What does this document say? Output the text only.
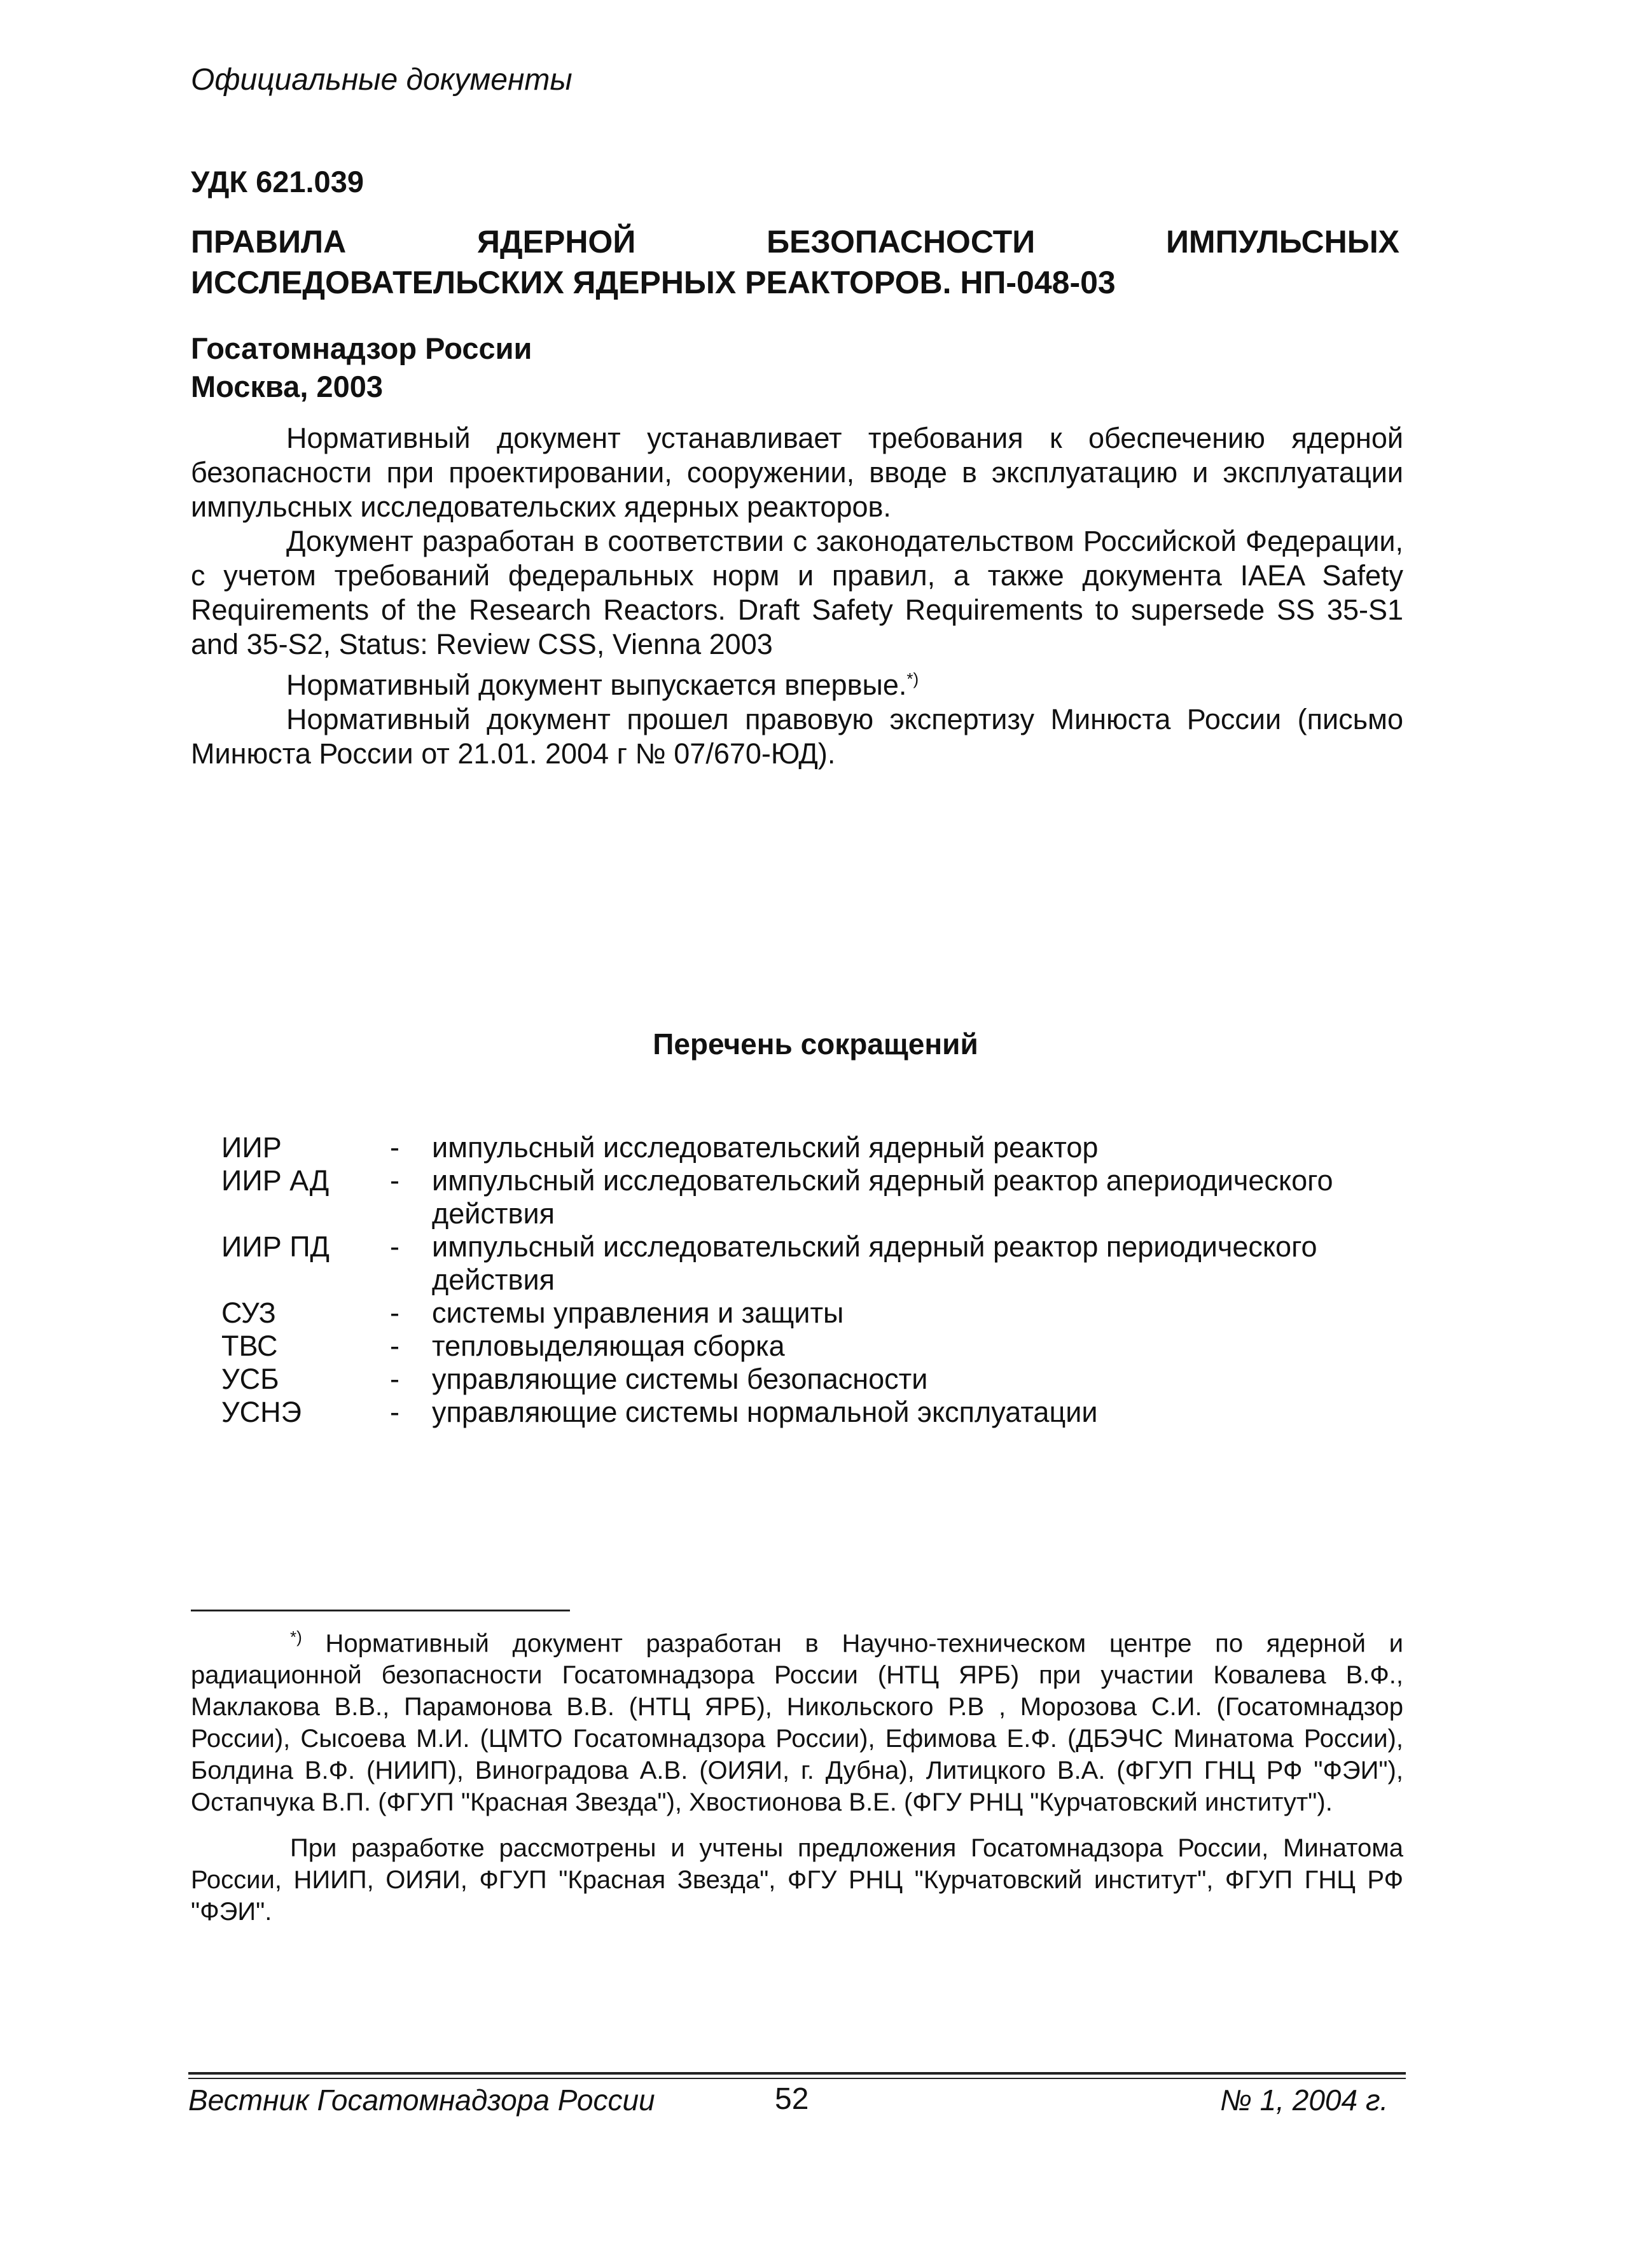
Официальные документы
УДК 621.039
ПРАВИЛА ЯДЕРНОЙ БЕЗОПАСНОСТИ ИМПУЛЬСНЫХ ИССЛЕДОВАТЕЛЬСКИХ ЯДЕРНЫХ РЕАКТОРОВ. НП-048-03
Госатомнадзор России
Москва, 2003

Нормативный документ устанавливает требования к обеспечению ядерной безопасности при проектировании, сооружении, вводе в эксплуатацию и эксплуатации импульсных исследовательских ядерных реакторов.

Документ разработан в соответствии с законодательством Российской Федерации, с учетом требований федеральных норм и правил, а также документа IAEA Safety Requirements of the Research Reactors. Draft Safety Requirements to supersede SS 35-S1 and 35-S2, Status: Review CSS, Vienna 2003

Нормативный документ выпускается впервые.*)

Нормативный документ прошел правовую экспертизу Минюста России (письмо Минюста России от 21.01. 2004 г № 07/670-ЮД).

Перечень сокращений
ИИР	-	импульсный исследовательский ядерный реактор
ИИР АД	-	импульсный исследовательский ядерный реактор апериодического действия
ИИР ПД	-	импульсный исследовательский ядерный реактор периодического действия
СУЗ	-	системы управления и защиты
ТВС	-	тепловыделяющая сборка
УСБ	-	управляющие системы безопасности
УСНЭ	-	управляющие системы нормальной эксплуатации

*) Нормативный документ разработан в Научно-техническом центре по ядерной и радиационной безопасности Госатомнадзора России (НТЦ ЯРБ) при участии Ковалева В.Ф., Маклакова В.В., Парамонова В.В. (НТЦ ЯРБ), Никольского Р.В , Морозова С.И. (Госатомнадзор России), Сысоева М.И. (ЦМТО Госатомнадзора России), Ефимова Е.Ф. (ДБЭЧС Минатома России), Болдина В.Ф. (НИИП), Виноградова А.В. (ОИЯИ, г. Дубна), Литицкого В.А. (ФГУП ГНЦ РФ "ФЭИ"), Остапчука В.П. (ФГУП "Красная Звезда"), Хвостионова В.Е. (ФГУ РНЦ "Курчатовский институт").

При разработке рассмотрены и учтены предложения Госатомнадзора России, Минатома России, НИИП, ОИЯИ, ФГУП "Красная Звезда", ФГУ РНЦ "Курчатовский институт", ФГУП ГНЦ РФ "ФЭИ".

Вестник Госатомнадзора России	52	№ 1, 2004 г.
